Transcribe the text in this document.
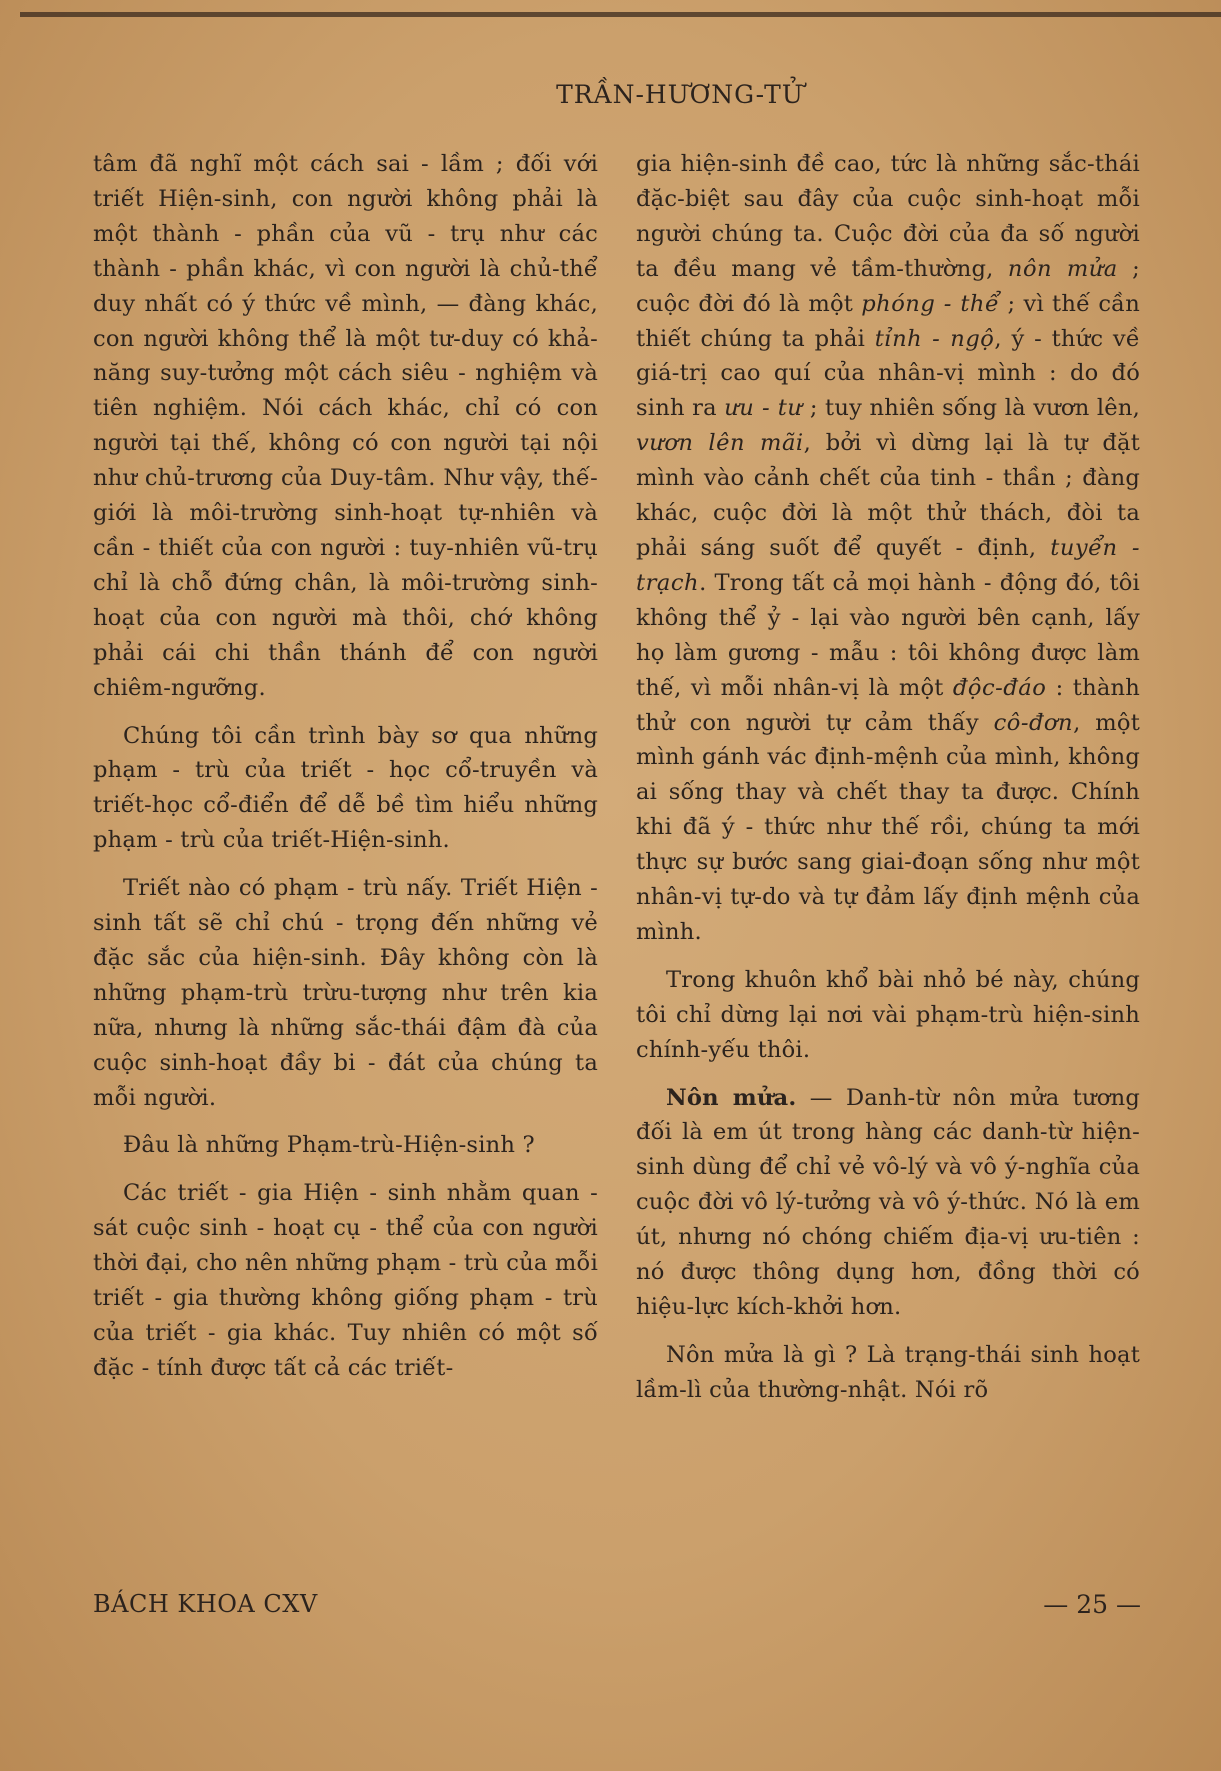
TRẦN-HƯƠNG-TỬ

tâm đã nghĩ một cách sai - lầm ; đối với triết Hiện-sinh, con người không phải là một thành - phần của vũ - trụ như các thành - phần khác, vì con người là chủ-thể duy nhất có ý thức về mình, — đàng khác, con người không thể là một tư-duy có khả-năng suy-tưởng một cách siêu - nghiệm và tiên nghiệm. Nói cách khác, chỉ có con người tại thế, không có con người tại nội như chủ-trương của Duy-tâm. Như vậy, thế-giới là môi-trường sinh-hoạt tự-nhiên và cần - thiết của con người : tuy-nhiên vũ-trụ chỉ là chỗ đứng chân, là môi-trường sinh-hoạt của con người mà thôi, chớ không phải cái chi thần thánh để con người chiêm-ngưỡng.

Chúng tôi cần trình bày sơ qua những phạm - trù của triết - học cổ-truyền và triết-học cổ-điển để dễ bề tìm hiểu những phạm - trù của triết-Hiện-sinh.

Triết nào có phạm - trù nấy. Triết Hiện - sinh tất sẽ chỉ chú - trọng đến những vẻ đặc sắc của hiện-sinh. Đây không còn là những phạm-trù trừu-tượng như trên kia nữa, nhưng là những sắc-thái đậm đà của cuộc sinh-hoạt đầy bi - đát của chúng ta mỗi người.

Đâu là những Phạm-trù-Hiện-sinh ?

Các triết - gia Hiện - sinh nhằm quan - sát cuộc sinh - hoạt cụ - thể của con người thời đại, cho nên những phạm - trù của mỗi triết - gia thường không giống phạm - trù của triết - gia khác. Tuy nhiên có một số đặc - tính được tất cả các triết-

gia hiện-sinh đề cao, tức là những sắc-thái đặc-biệt sau đây của cuộc sinh-hoạt mỗi người chúng ta. Cuộc đời của đa số người ta đều mang vẻ tầm-thường, nôn mửa ; cuộc đời đó là một phóng - thể ; vì thế cần thiết chúng ta phải tỉnh - ngộ, ý - thức về giá-trị cao quí của nhân-vị mình : do đó sinh ra ưu - tư ; tuy nhiên sống là vươn lên, vươn lên mãi, bởi vì dừng lại là tự đặt mình vào cảnh chết của tinh - thần ; đàng khác, cuộc đời là một thử thách, đòi ta phải sáng suốt để quyết - định, tuyển - trạch. Trong tất cả mọi hành - động đó, tôi không thể ỷ - lại vào người bên cạnh, lấy họ làm gương - mẫu : tôi không được làm thế, vì mỗi nhân-vị là một độc-đáo : thành thử con người tự cảm thấy cô-đơn, một mình gánh vác định-mệnh của mình, không ai sống thay và chết thay ta được. Chính khi đã ý - thức như thế rồi, chúng ta mới thực sự bước sang giai-đoạn sống như một nhân-vị tự-do và tự đảm lấy định mệnh của mình.

Trong khuôn khổ bài nhỏ bé này, chúng tôi chỉ dừng lại nơi vài phạm-trù hiện-sinh chính-yếu thôi.

Nôn mửa. — Danh-từ nôn mửa tương đối là em út trong hàng các danh-từ hiện-sinh dùng để chỉ vẻ vô-lý và vô ý-nghĩa của cuộc đời vô lý-tưởng và vô ý-thức. Nó là em út, nhưng nó chóng chiếm địa-vị ưu-tiên : nó được thông dụng hơn, đồng thời có hiệu-lực kích-khởi hơn.

Nôn mửa là gì ? Là trạng-thái sinh hoạt lầm-lì của thường-nhật. Nói rõ

BÁCH KHOA CXV	— 25 —
